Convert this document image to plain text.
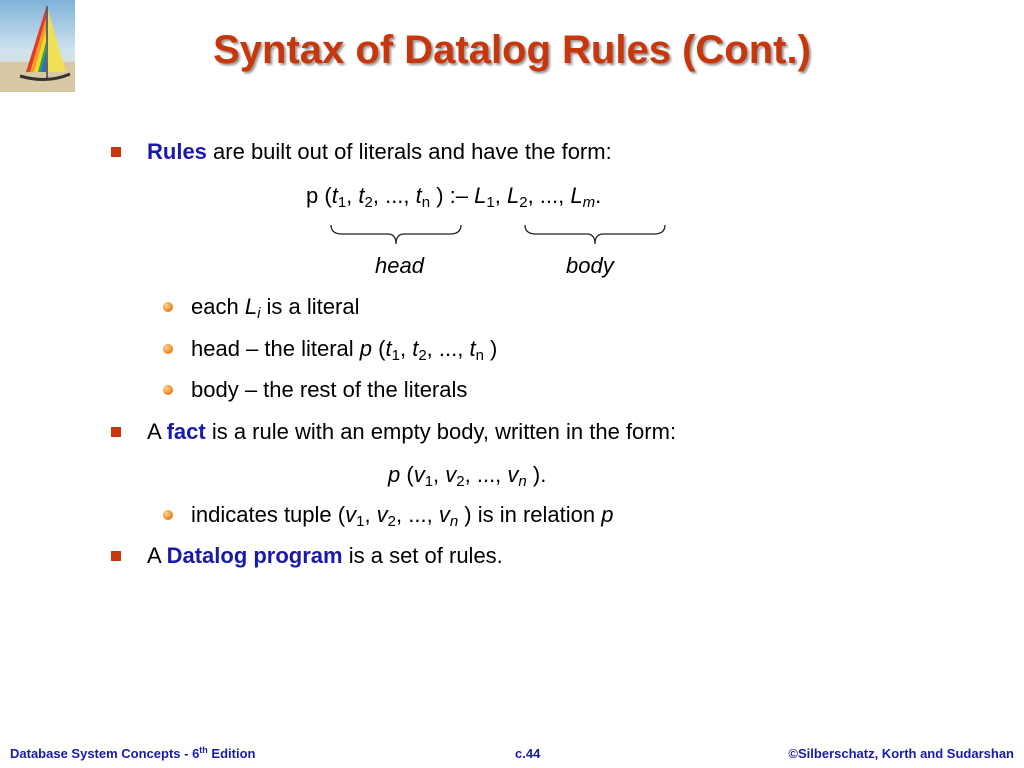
Syntax of Datalog Rules (Cont.)
Rules are built out of literals and have the form:
p ($t_1$, $t_2$, ..., $t_n$ ) :– $L_1$, $L_2$, ..., $L_m$.
head	body
each $L_i$ is a literal
head – the literal p ($t_1$, $t_2$, ..., $t_n$ )
body – the rest of the literals
A fact is a rule with an empty body, written in the form:
p ($v_1$, $v_2$, ..., $v_n$ ).
indicates tuple ($v_1$, $v_2$, ..., $v_n$ ) is in relation p
A Datalog program is a set of rules.
Database System Concepts - 6th Edition	c.44	©Silberschatz, Korth and Sudarshan
